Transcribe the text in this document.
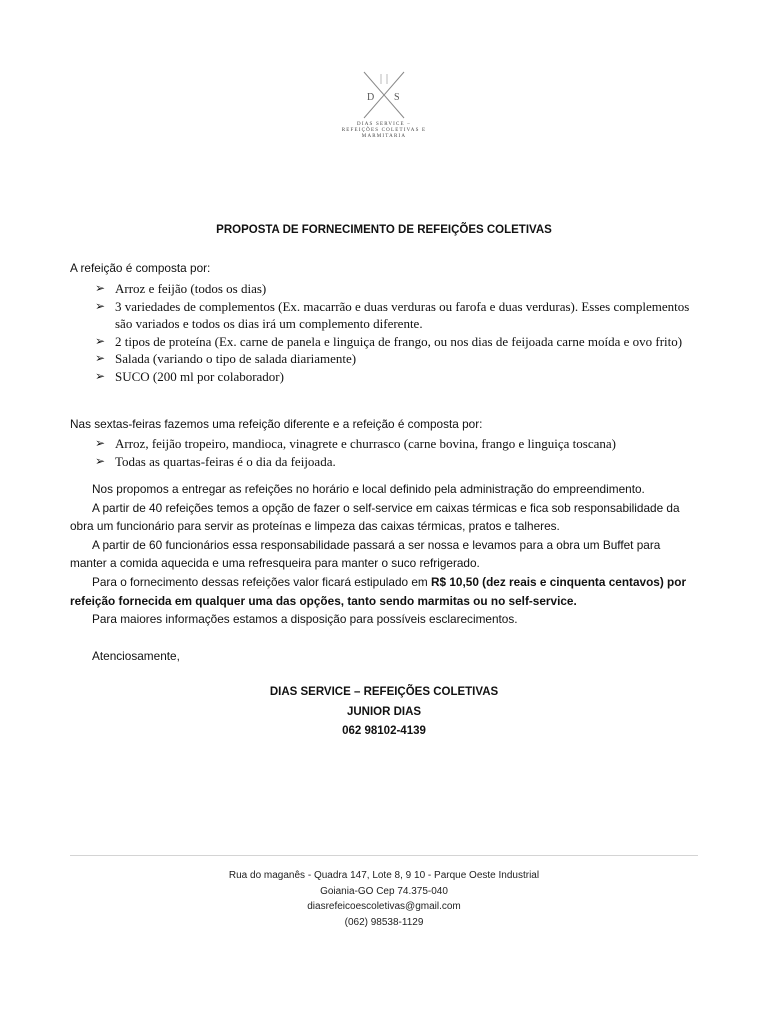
D S
DIAS SERVICE –
REFEIÇÕES COLETIVAS E
MARMITARIA
PROPOSTA DE FORNECIMENTO DE REFEIÇÕES COLETIVAS
A refeição é composta por:
➢ Arroz e feijão (todos os dias)
➢ 3 variedades de complementos (Ex. macarrão e duas verduras ou farofa e duas verduras). Esses complementos são variados e todos os dias irá um complemento diferente.
➢ 2 tipos de proteína (Ex. carne de panela e linguiça de frango, ou nos dias de feijoada carne moída e ovo frito)
➢ Salada (variando o tipo de salada diariamente)
➢ SUCO (200 ml por colaborador)
Nas sextas-feiras fazemos uma refeição diferente e a refeição é composta por:
➢ Arroz, feijão tropeiro, mandioca, vinagrete e churrasco (carne bovina, frango e linguiça toscana)
➢ Todas as quartas-feiras é o dia da feijoada.

Nos propomos a entregar as refeições no horário e local definido pela administração do empreendimento.

A partir de 40 refeições temos a opção de fazer o self-service em caixas térmicas e fica sob responsabilidade da obra um funcionário para servir as proteínas e limpeza das caixas térmicas, pratos e talheres.

A partir de 60 funcionários essa responsabilidade passará a ser nossa e levamos para a obra um Buffet para manter a comida aquecida e uma refresqueira para manter o suco refrigerado.

Para o fornecimento dessas refeições valor ficará estipulado em R$ 10,50 (dez reais e cinquenta centavos) por refeição fornecida em qualquer uma das opções, tanto sendo marmitas ou no self-service.

Para maiores informações estamos a disposição para possíveis esclarecimentos.

Atenciosamente,
DIAS SERVICE – REFEIÇÕES COLETIVAS
JUNIOR DIAS
062 98102-4139
Rua do maganês - Quadra 147, Lote 8, 9 10 - Parque Oeste Industrial
Goiania-GO Cep 74.375-040
diasrefeicoescoletivas@gmail.com
(062) 98538-1129
